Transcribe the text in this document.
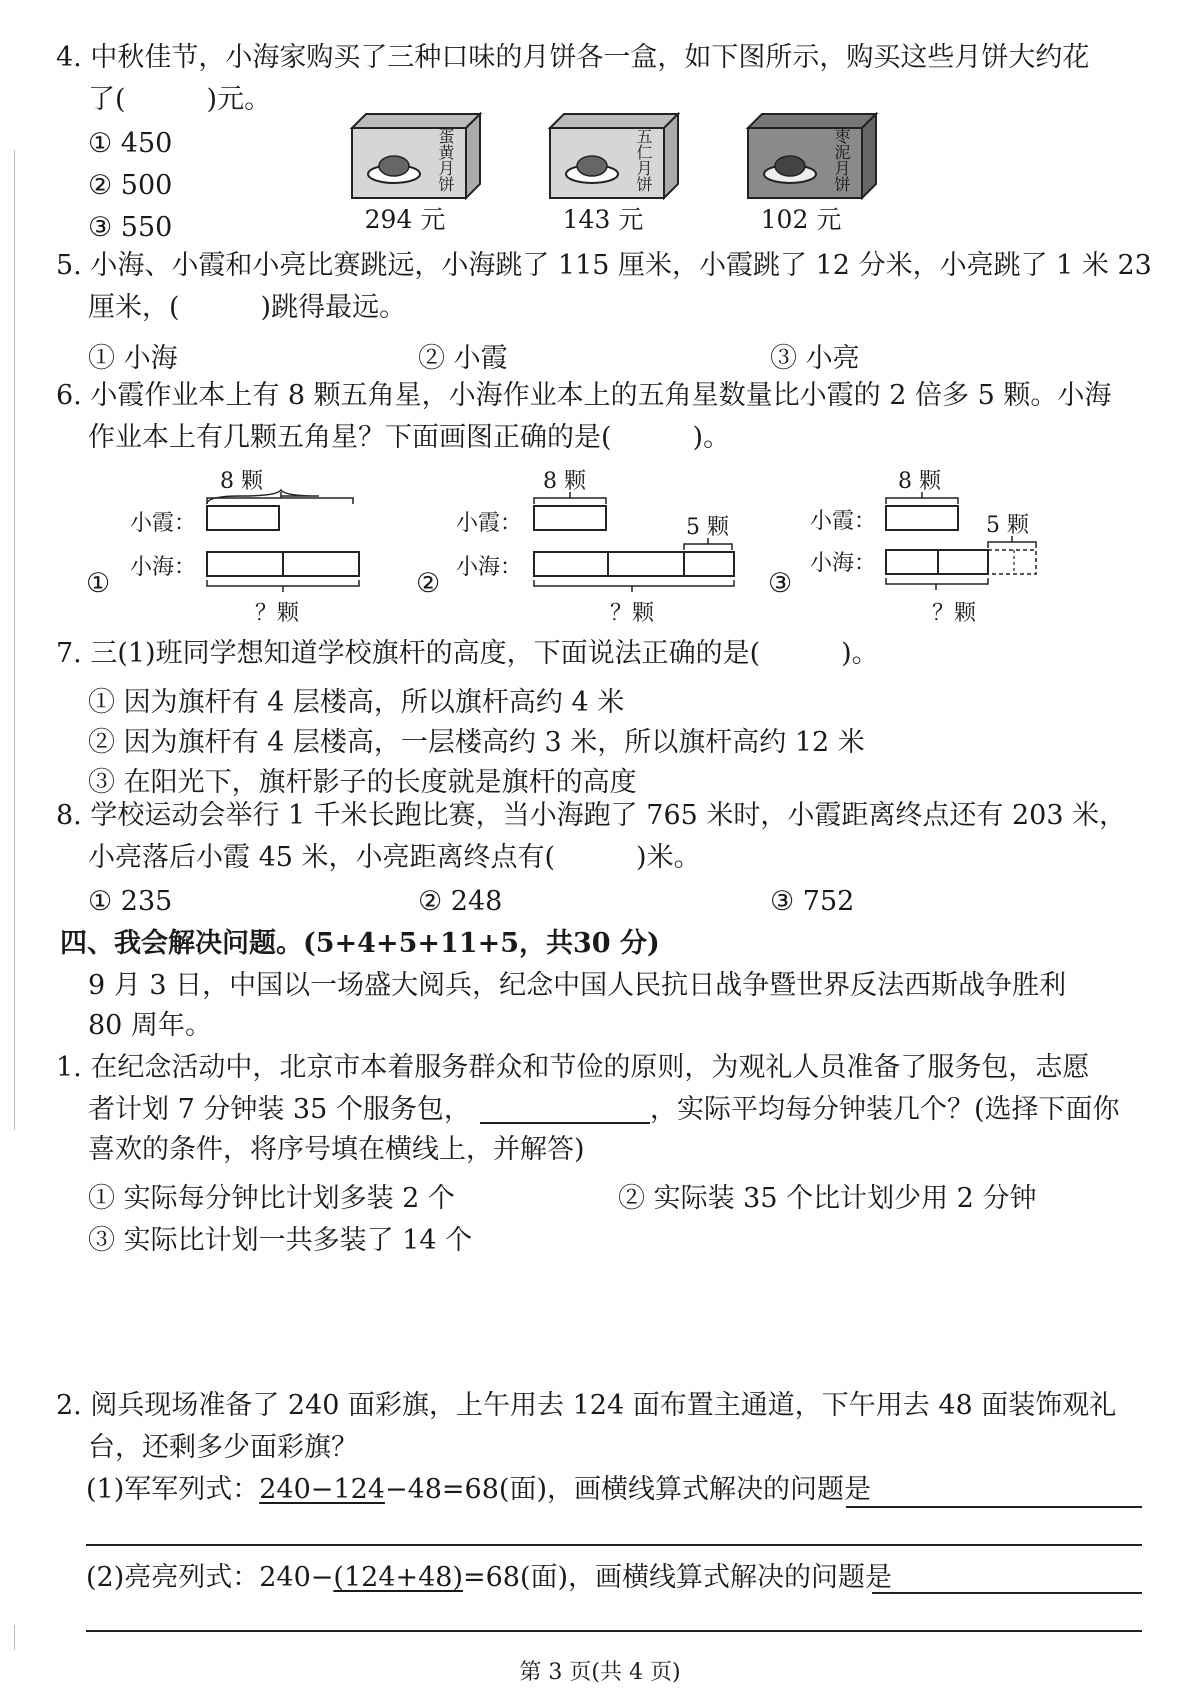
4. 中秋佳节，小海家购买了三种口味的月饼各一盒，如下图所示，购买这些月饼大约花
了(　　　)元。
① 450
② 500
③ 550
蛋黄月饼
294 元
五仁月饼
143 元
枣泥月饼
102 元
5. 小海、小霞和小亮比赛跳远，小海跳了 115 厘米，小霞跳了 12 分米，小亮跳了 1 米 23
厘米，(　　　)跳得最远。
① 小海	② 小霞	③ 小亮
6. 小霞作业本上有 8 颗五角星，小海作业本上的五角星数量比小霞的 2 倍多 5 颗。小海
作业本上有几颗五角星？下面画图正确的是(　　　)。
①
8 颗
小霞：
小海：
？颗
②
8 颗
小霞：
小海：
5 颗
？颗
③
8 颗
小霞：
小海：
5 颗
？颗
7. 三(1)班同学想知道学校旗杆的高度，下面说法正确的是(　　　)。
① 因为旗杆有 4 层楼高，所以旗杆高约 4 米
② 因为旗杆有 4 层楼高，一层楼高约 3 米，所以旗杆高约 12 米
③ 在阳光下，旗杆影子的长度就是旗杆的高度
8. 学校运动会举行 1 千米长跑比赛，当小海跑了 765 米时，小霞距离终点还有 203 米，
小亮落后小霞 45 米，小亮距离终点有(　　　)米。
① 235	② 248	③ 752
四、我会解决问题。(5+4+5+11+5，共30 分)
9 月 3 日，中国以一场盛大阅兵，纪念中国人民抗日战争暨世界反法西斯战争胜利
80 周年。
1. 在纪念活动中，北京市本着服务群众和节俭的原则，为观礼人员准备了服务包，志愿
者计划 7 分钟装 35 个服务包，	，实际平均每分钟装几个？(选择下面你
喜欢的条件，将序号填在横线上，并解答)
① 实际每分钟比计划多装 2 个	② 实际装 35 个比计划少用 2 分钟
③ 实际比计划一共多装了 14 个
2. 阅兵现场准备了 240 面彩旗，上午用去 124 面布置主通道，下午用去 48 面装饰观礼
台，还剩多少面彩旗？
(1)军军列式：240−124−48=68(面)，画横线算式解决的问题是
(2)亮亮列式：240−(124+48)=68(面)，画横线算式解决的问题是
第 3 页(共 4 页)
